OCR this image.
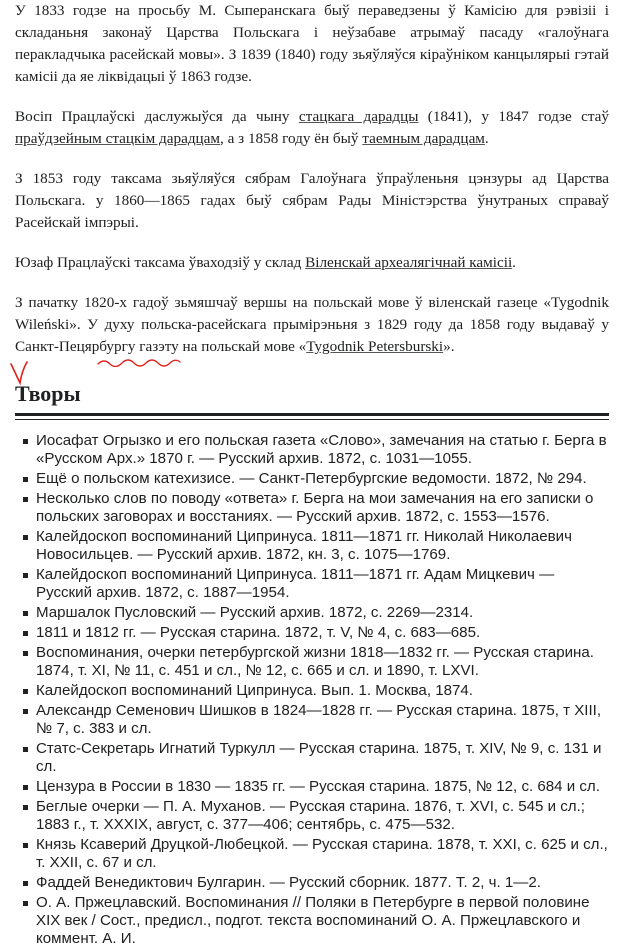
У 1833 годзе на просьбу М. Сыперанскага быў пераведзены ў Камісію для рэвізіі і складаньня законаў Царства Польскага і неўзабаве атрымаў пасаду «галоўнага перакладчыка расейскай мовы». З 1839 (1840) году зьяўляўся кіраўніком канцылярыі гэтай камісіі да яе ліквідацыі ў 1863 годзе.

Восіп Працлаўскі даслужыўся да чыну стацкага дарадцы (1841), у 1847 годзе стаў праўдзейным стацкім дарадцам, а з 1858 году ён быў таемным дарадцам.

З 1853 году таксама зьяўляўся сябрам Галоўнага ўпраўленьня цэнзуры ад Царства Польскага. у 1860—1865 гадах быў сябрам Рады Міністэрства ўнутраных справаў Расейскай імпэрыі.

Юзаф Працлаўскі таксама ўваходзіў у склад Віленскай археалягічнай камісіі.

З пачатку 1820-х гадоў зьмяшчаў вершы на польскай мове ў віленскай газеце «Tygodnik Wileński». У духу польска-расейскага прымірэньня з 1829 году да 1858 году выдаваў у Санкт-Пецярбургу газэту на польскай мове «Tygodnik Petersburski».

Творы
Иосафат Огрызко и его польская газета «Слово», замечания на статью г. Берга в «Русском Арх.» 1870 г. — Русский архив. 1872, с. 1031—1055.
Ещё о польском катехизисе. — Санкт-Петербургские ведомости. 1872, № 294.
Несколько слов по поводу «ответа» г. Берга на мои замечания на его записки о польских заговорах и восстаниях. — Русский архив. 1872, с. 1553—1576.
Калейдоскоп воспоминаний Ципринуса. 1811—1871 гг. Николай Николаевич Новосильцев. — Русский архив. 1872, кн. 3, с. 1075—1769.
Калейдоскоп воспоминаний Ципринуса. 1811—1871 гг. Адам Мицкевич — Русский архив. 1872, с. 1887—1954.
Маршалок Пусловский — Русский архив. 1872, с. 2269—2314.
1811 и 1812 гг. — Русская старина. 1872, т. V, № 4, с. 683—685.
Воспоминания, очерки петербургской жизни 1818—1832 гг. — Русская старина. 1874, т. XI, № 11, с. 451 и сл., № 12, с. 665 и сл. и 1890, т. LXVI.
Калейдоскоп воспоминаний Ципринуса. Вып. 1. Москва, 1874.
Александр Семенович Шишков в 1824—1828 гг. — Русская старина. 1875, т XIII, № 7, с. 383 и сл.
Статс-Секретарь Игнатий Туркулл — Русская старина. 1875, т. XIV, № 9, с. 131 и сл.
Цензура в России в 1830 — 1835 гг. — Русская старина. 1875, № 12, с. 684 и сл.
Беглые очерки — П. А. Муханов. — Русская старина. 1876, т. XVI, с. 545 и сл.; 1883 г., т. XXXIX, август, с. 377—406; сентябрь, с. 475—532.
Князь Ксаверий Друцкой-Любецкой. — Русская старина. 1878, т. XXI, с. 625 и сл., т. XXII, с. 67 и сл.
Фаддей Венедиктович Булгарин. — Русский сборник. 1877. Т. 2, ч. 1—2.
О. А. Пржецлавский. Воспоминания // Поляки в Петербурге в первой половине XIX век / Сост., предисл., подгот. текста воспоминаний О. А. Пржецлавского и коммент. А. И.
